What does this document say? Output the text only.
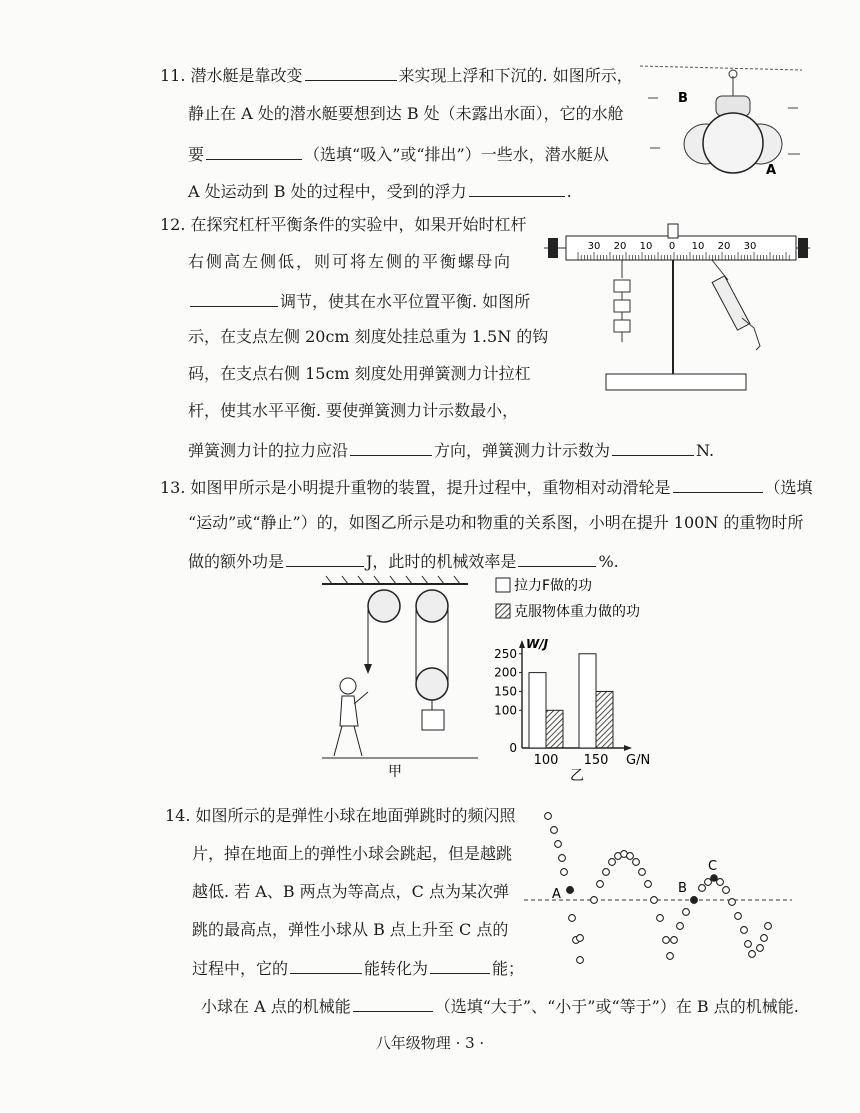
11. 潜水艇是靠改变	来实现上浮和下沉的. 如图所示，
静止在 A 处的潜水艇要想到达 B 处（未露出水面），它的水舱
要	（选填“吸入”或“排出”）一些水，潜水艇从
A 处运动到 B 处的过程中，受到的浮力	.
B
A
12. 在探究杠杆平衡条件的实验中，如果开始时杠杆
右侧高左侧低，则可将左侧的平衡螺母向
调节，使其在水平位置平衡. 如图所
示，在支点左侧 20cm 刻度处挂总重为 1.5N 的钩
码，在支点右侧 15cm 刻度处用弹簧测力计拉杠
杆，使其水平平衡. 要使弹簧测力计示数最小，
弹簧测力计的拉力应沿	方向，弹簧测力计示数为	N.
30 20 10 0 10 20 30
13. 如图甲所示是小明提升重物的装置，提升过程中，重物相对动滑轮是	（选填
“运动”或“静止”）的，如图乙所示是功和物重的关系图，小明在提升 100N 的重物时所
做的额外功是	J，此时的机械效率是	%.
甲
拉力F做的功
克服物体重力做的功
W/J
0
100
150
200
250
100 150 G/N
乙
14. 如图所示的是弹性小球在地面弹跳时的频闪照
片，掉在地面上的弹性小球会跳起，但是越跳
越低. 若 A、B 两点为等高点，C 点为某次弹
跳的最高点，弹性小球从 B 点上升至 C 点的
过程中，它的	能转化为	能；
小球在 A 点的机械能	（选填“大于”、“小于”或“等于”）在 B 点的机械能.
A	B
C
八年级物理 · 3 ·
